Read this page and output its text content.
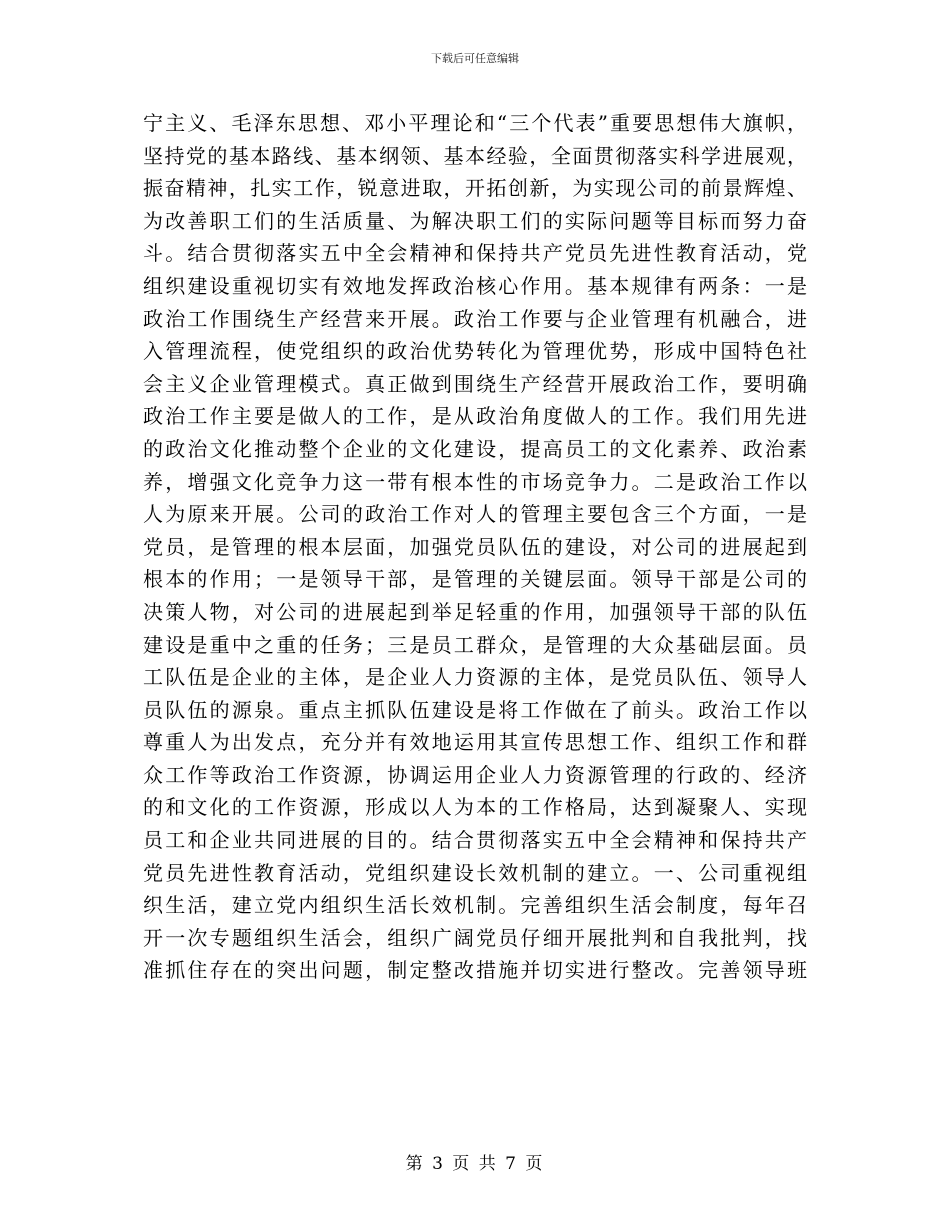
下载后可任意编辑
宁主义、毛泽东思想、邓小平理论和“三个代表”重要思想伟大旗帜，
坚持党的基本路线、基本纲领、基本经验，全面贯彻落实科学进展观，
振奋精神，扎实工作，锐意进取，开拓创新，为实现公司的前景辉煌、
为改善职工们的生活质量、为解决职工们的实际问题等目标而努力奋
斗。结合贯彻落实五中全会精神和保持共产党员先进性教育活动，党
组织建设重视切实有效地发挥政治核心作用。基本规律有两条：一是
政治工作围绕生产经营来开展。政治工作要与企业管理有机融合，进
入管理流程，使党组织的政治优势转化为管理优势，形成中国特色社
会主义企业管理模式。真正做到围绕生产经营开展政治工作，要明确
政治工作主要是做人的工作，是从政治角度做人的工作。我们用先进
的政治文化推动整个企业的文化建设，提高员工的文化素养、政治素
养，增强文化竞争力这一带有根本性的市场竞争力。二是政治工作以
人为原来开展。公司的政治工作对人的管理主要包含三个方面，一是
党员，是管理的根本层面，加强党员队伍的建设，对公司的进展起到
根本的作用；一是领导干部，是管理的关键层面。领导干部是公司的
决策人物，对公司的进展起到举足轻重的作用，加强领导干部的队伍
建设是重中之重的任务；三是员工群众，是管理的大众基础层面。员
工队伍是企业的主体，是企业人力资源的主体，是党员队伍、领导人
员队伍的源泉。重点主抓队伍建设是将工作做在了前头。政治工作以
尊重人为出发点，充分并有效地运用其宣传思想工作、组织工作和群
众工作等政治工作资源，协调运用企业人力资源管理的行政的、经济
的和文化的工作资源，形成以人为本的工作格局，达到凝聚人、实现
员工和企业共同进展的目的。结合贯彻落实五中全会精神和保持共产
党员先进性教育活动，党组织建设长效机制的建立。一、公司重视组
织生活，建立党内组织生活长效机制。完善组织生活会制度，每年召
开一次专题组织生活会，组织广阔党员仔细开展批判和自我批判，找
准抓住存在的突出问题，制定整改措施并切实进行整改。完善领导班
第 3 页 共 7 页
